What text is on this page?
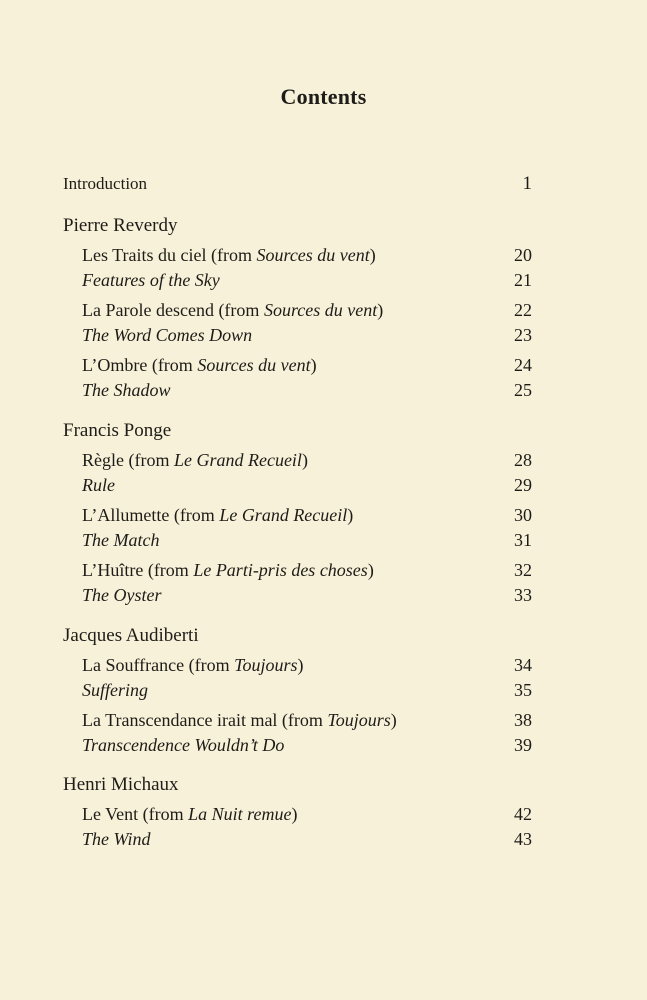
Contents
Introduction	1
Pierre Reverdy
Les Traits du ciel (from Sources du vent)	20
Features of the Sky	21
La Parole descend (from Sources du vent)	22
The Word Comes Down	23
L’Ombre (from Sources du vent)	24
The Shadow	25
Francis Ponge
Règle (from Le Grand Recueil)	28
Rule	29
L’Allumette (from Le Grand Recueil)	30
The Match	31
L’Huître (from Le Parti-pris des choses)	32
The Oyster	33
Jacques Audiberti
La Souffrance (from Toujours)	34
Suffering	35
La Transcendance irait mal (from Toujours)	38
Transcendence Wouldn’t Do	39
Henri Michaux
Le Vent (from La Nuit remue)	42
The Wind	43
